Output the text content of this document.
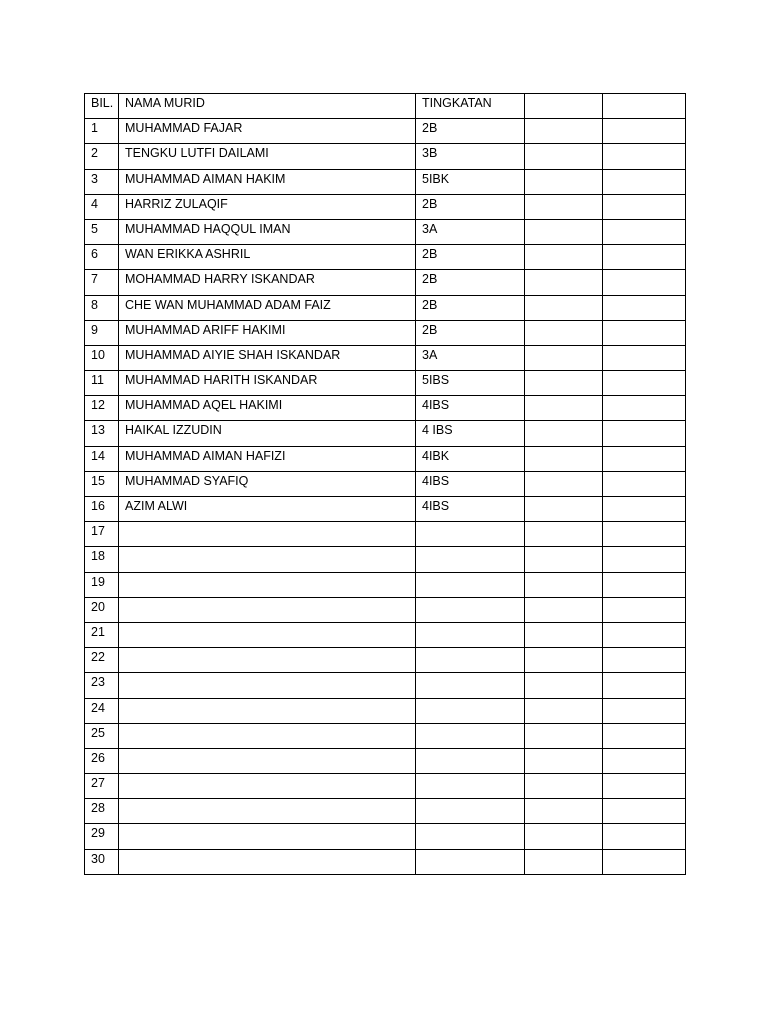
BIL.	NAMA MURID	TINGKATAN		
1	MUHAMMAD FAJAR	2B		
2	TENGKU LUTFI DAILAMI	3B		
3	MUHAMMAD AIMAN HAKIM	5IBK		
4	HARRIZ ZULAQIF	2B		
5	MUHAMMAD HAQQUL IMAN	3A		
6	WAN ERIKKA ASHRIL	2B		
7	MOHAMMAD HARRY ISKANDAR	2B		
8	CHE WAN MUHAMMAD ADAM FAIZ	2B		
9	MUHAMMAD ARIFF HAKIMI	2B		
10	MUHAMMAD AIYIE SHAH ISKANDAR	3A		
11	MUHAMMAD HARITH ISKANDAR	5IBS		
12	MUHAMMAD AQEL HAKIMI	4IBS		
13	HAIKAL IZZUDIN	4 IBS		
14	MUHAMMAD AIMAN HAFIZI	4IBK		
15	MUHAMMAD SYAFIQ	4IBS		
16	AZIM ALWI	4IBS		
17				
18				
19				
20				
21				
22				
23				
24				
25				
26				
27				
28				
29				
30				
